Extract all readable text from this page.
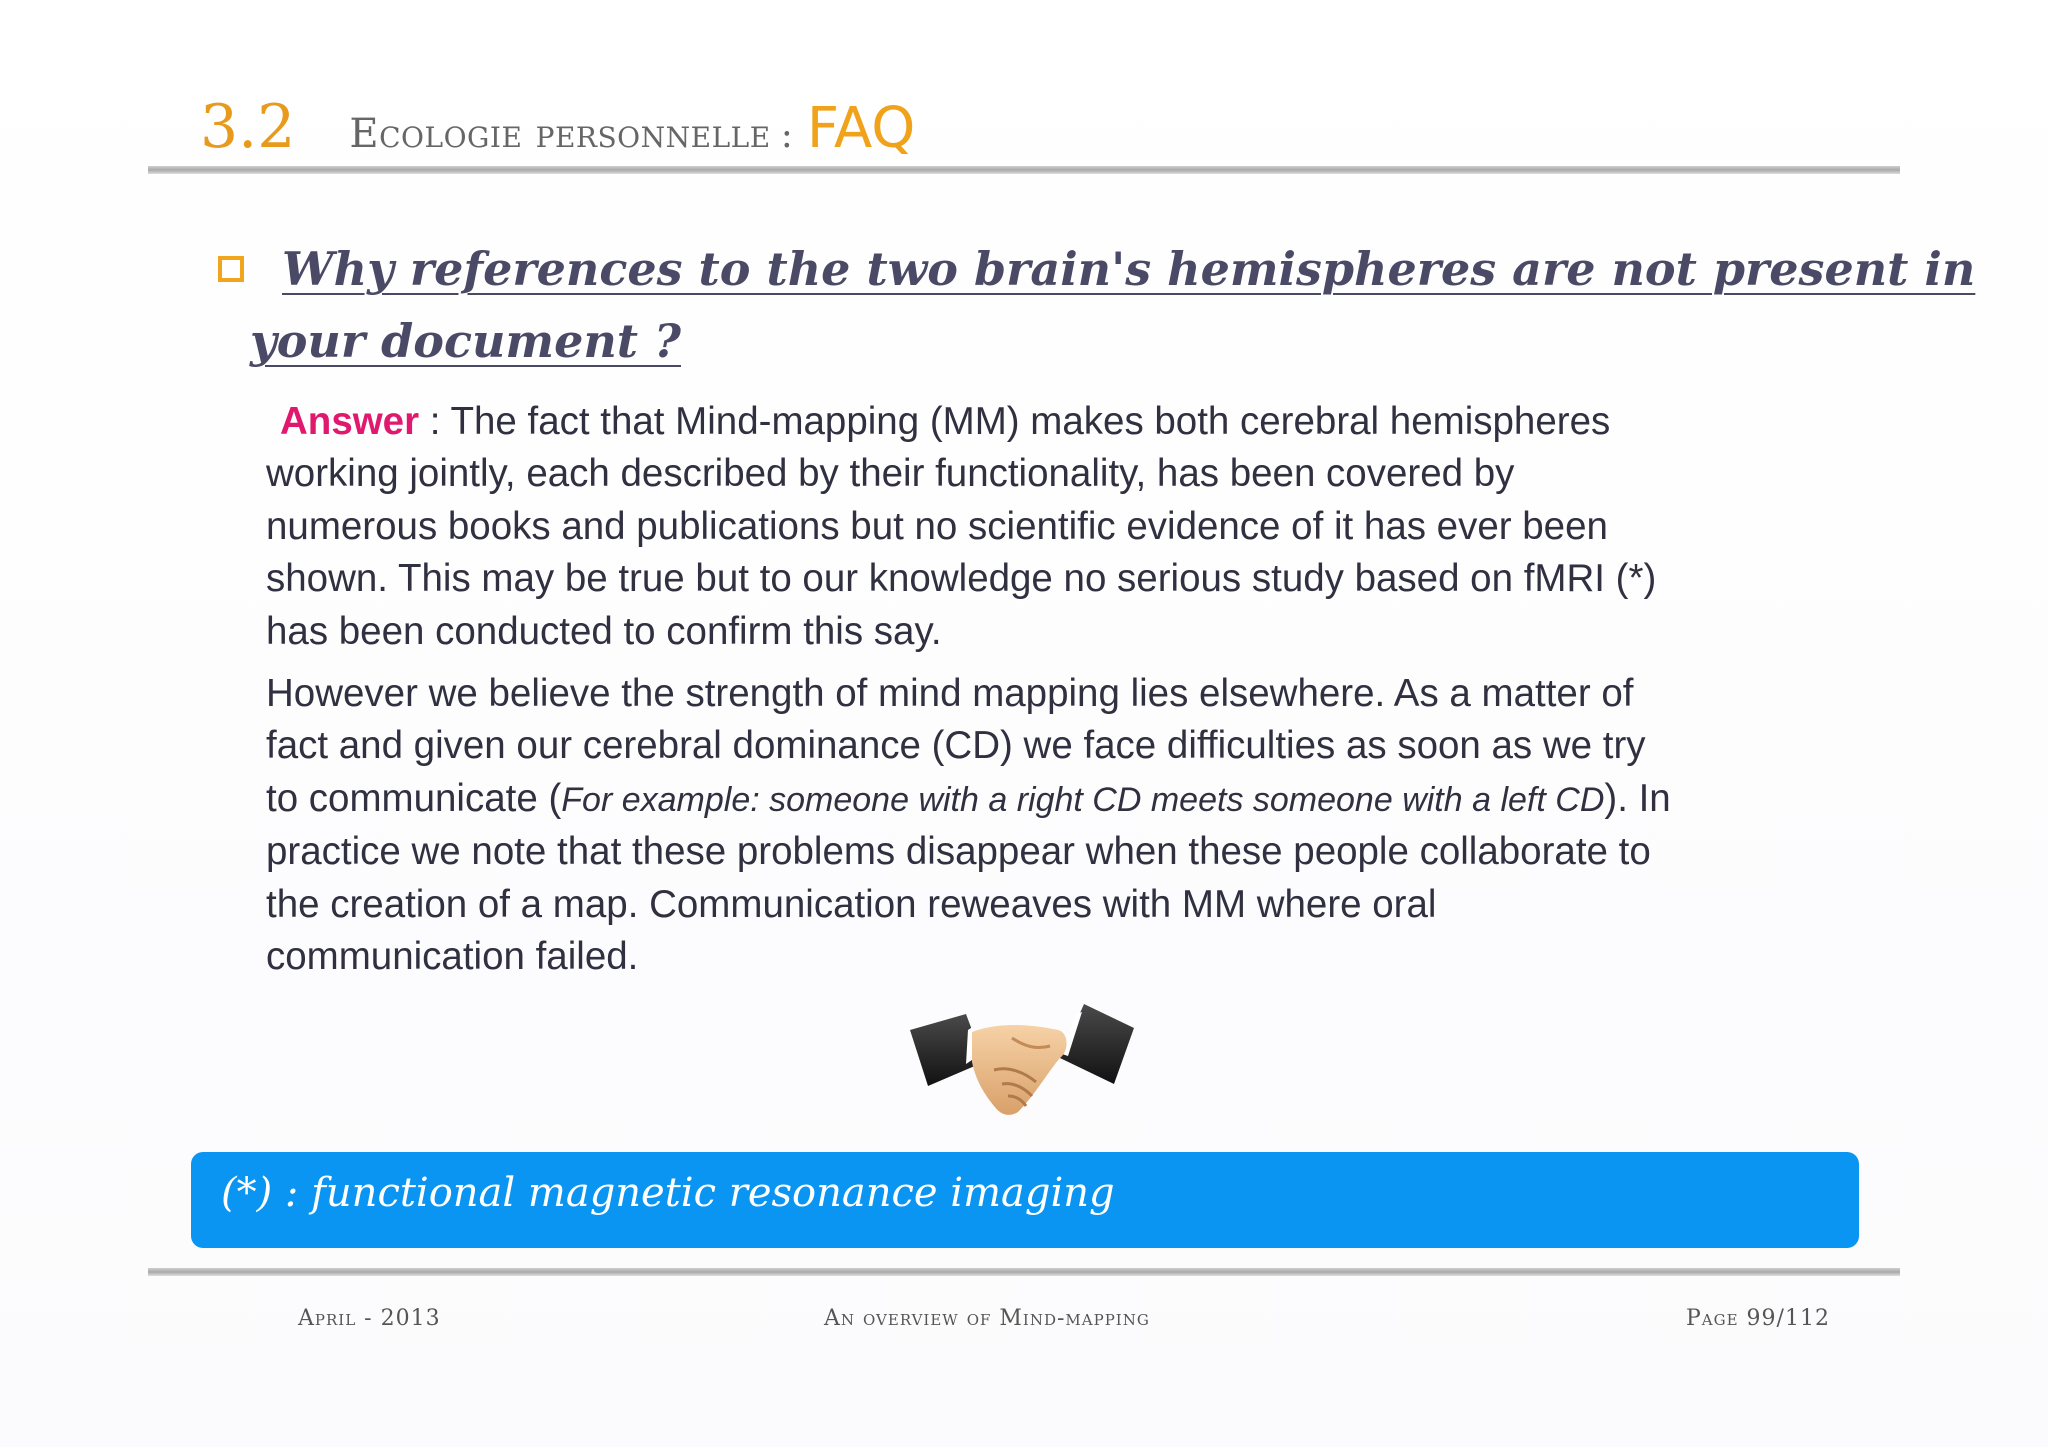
3.2 Ecologie personnelle : FAQ
Why references to the two brain's hemispheres are not present in
your document ?

Answer : The fact that Mind-mapping (MM) makes both cerebral hemispheres
working jointly, each described by their functionality, has been covered by
numerous books and publications but no scientific evidence of it has ever been
shown. This may be true but to our knowledge no serious study based on fMRI (*)
has been conducted to confirm this say.

However we believe the strength of mind mapping lies elsewhere. As a matter of
fact and given our cerebral dominance (CD) we face difficulties as soon as we try
to communicate (For example: someone with a right CD meets someone with a left CD). In
practice we note that these problems disappear when these people collaborate to
the creation of a map. Communication reweaves with MM where oral
communication failed.

(*) : functional magnetic resonance imaging
April - 2013	An overview of Mind-mapping	Page 99/112
